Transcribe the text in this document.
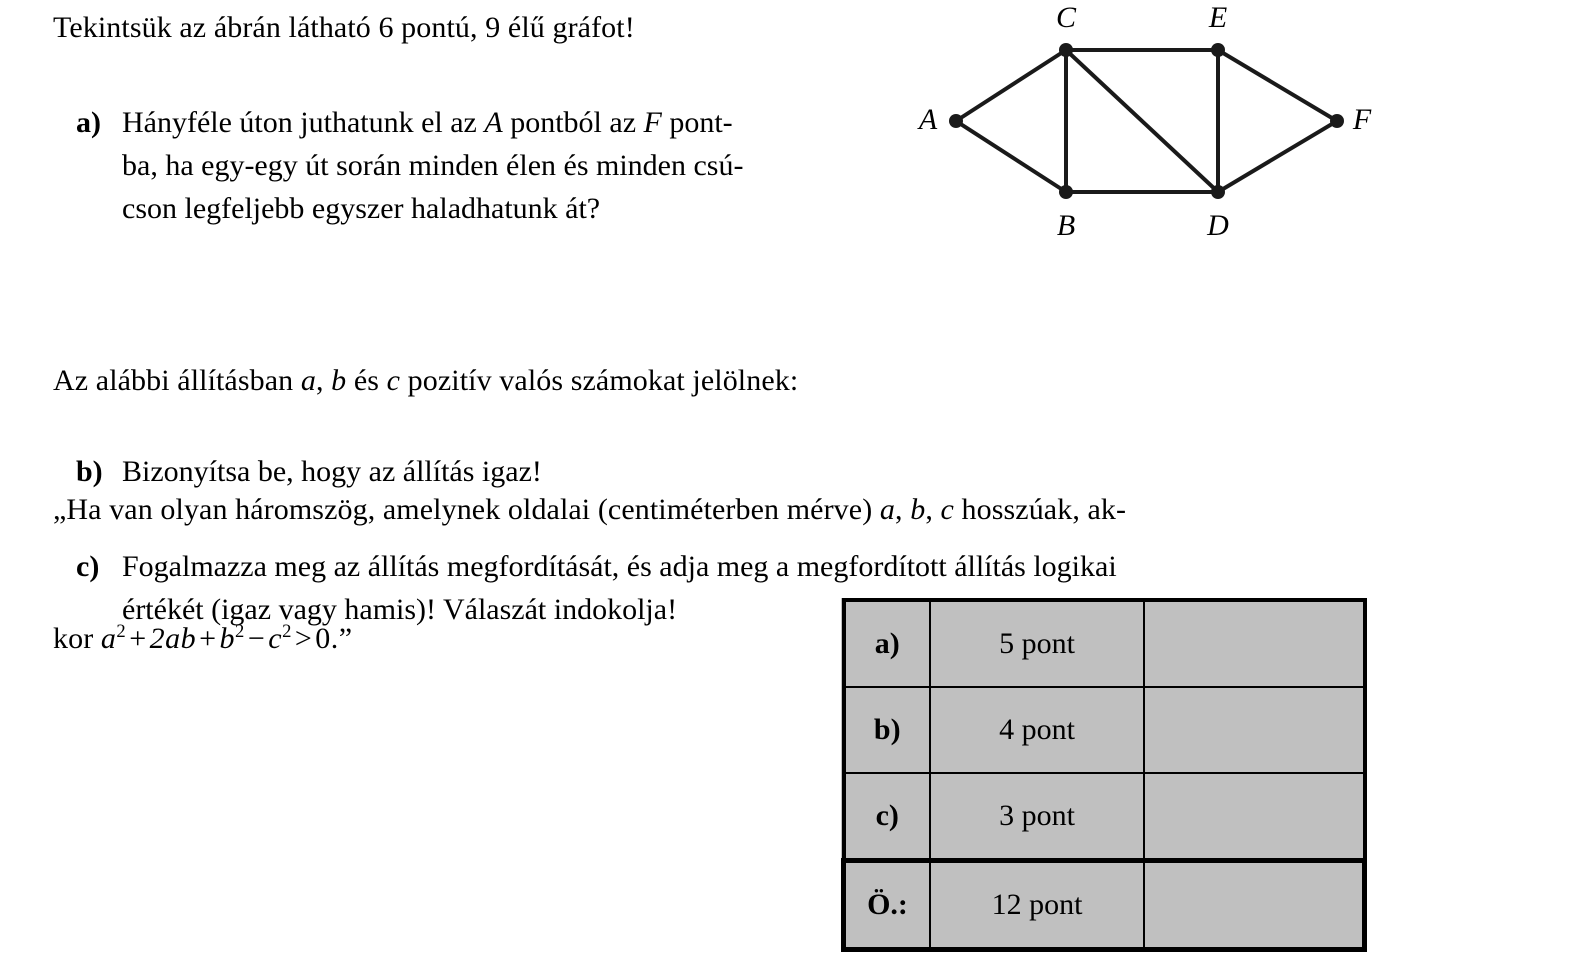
Tekintsük az ábrán látható 6 pontú, 9 élű gráfot!
a) Hányféle úton juthatunk el az A pontból az F pont-
ba, ha egy-egy út során minden élen és minden csú-
cson legfeljebb egyszer haladhatunk át?

Az alábbi állításban a, b és c pozitív valós számokat jelölnek:

„Ha van olyan háromszög, amelynek oldalai (centiméterben mérve) a, b, c hosszúak, ak-

kor $a^2 + 2ab + b^2 - c^2 > 0$.”

b) Bizonyítsa be, hogy az állítás igaz!
c) Fogalmazza meg az állítás megfordítását, és adja meg a megfordított állítás logikai
értékét (igaz vagy hamis)! Válaszát indokolja!
A
B
C
D
E
F
a)	5 pont	
b)	4 pont	
c)	3 pont	
Ö.:	12 pont	
